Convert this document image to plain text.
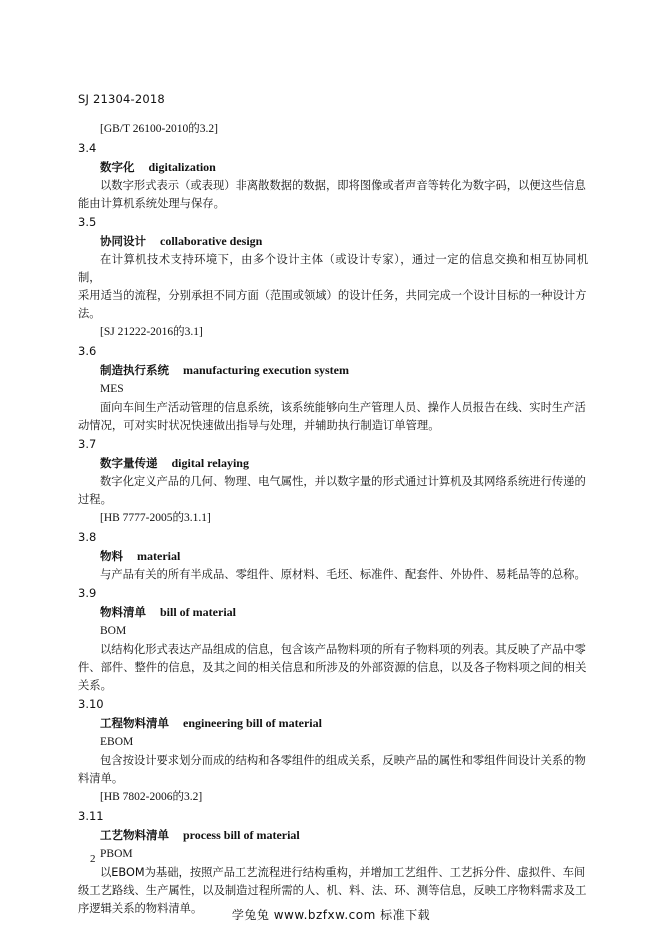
SJ 21304-2018
[GB/T 26100-2010的3.2]
3.4
数字化 digitalization
以数字形式表示（或表现）非离散数据的数据，即将图像或者声音等转化为数字码，以便这些信息
能由计算机系统处理与保存。
3.5
协同设计 collaborative design
在计算机技术支持环境下，由多个设计主体（或设计专家），通过一定的信息交换和相互协同机制，
采用适当的流程，分别承担不同方面（范围或领域）的设计任务，共同完成一个设计目标的一种设计方
法。
[SJ 21222-2016的3.1]
3.6
制造执行系统 manufacturing execution system
MES
面向车间生产活动管理的信息系统，该系统能够向生产管理人员、操作人员报告在线、实时生产活
动情况，可对实时状况快速做出指导与处理，并辅助执行制造订单管理。
3.7
数字量传递 digital relaying
数字化定义产品的几何、物理、电气属性，并以数字量的形式通过计算机及其网络系统进行传递的
过程。
[HB 7777-2005的3.1.1]
3.8
物料 material
与产品有关的所有半成品、零组件、原材料、毛坯、标准件、配套件、外协件、易耗品等的总称。
3.9
物料清单 bill of material
BOM
以结构化形式表达产品组成的信息，包含该产品物料项的所有子物料项的列表。其反映了产品中零
件、部件、整件的信息，及其之间的相关信息和所涉及的外部资源的信息，以及各子物料项之间的相关
关系。
3.10
工程物料清单 engineering bill of material
EBOM
包含按设计要求划分而成的结构和各零组件的组成关系，反映产品的属性和零组件间设计关系的物
料清单。
[HB 7802-2006的3.2]
3.11
工艺物料清单 process bill of material
PBOM
以EBOM为基础，按照产品工艺流程进行结构重构，并增加工艺组件、工艺拆分件、虚拟件、车间
级工艺路线、生产属性，以及制造过程所需的人、机、料、法、环、测等信息，反映工序物料需求及工
序逻辑关系的物料清单。
2
学兔兔 www.bzfxw.com 标准下载
